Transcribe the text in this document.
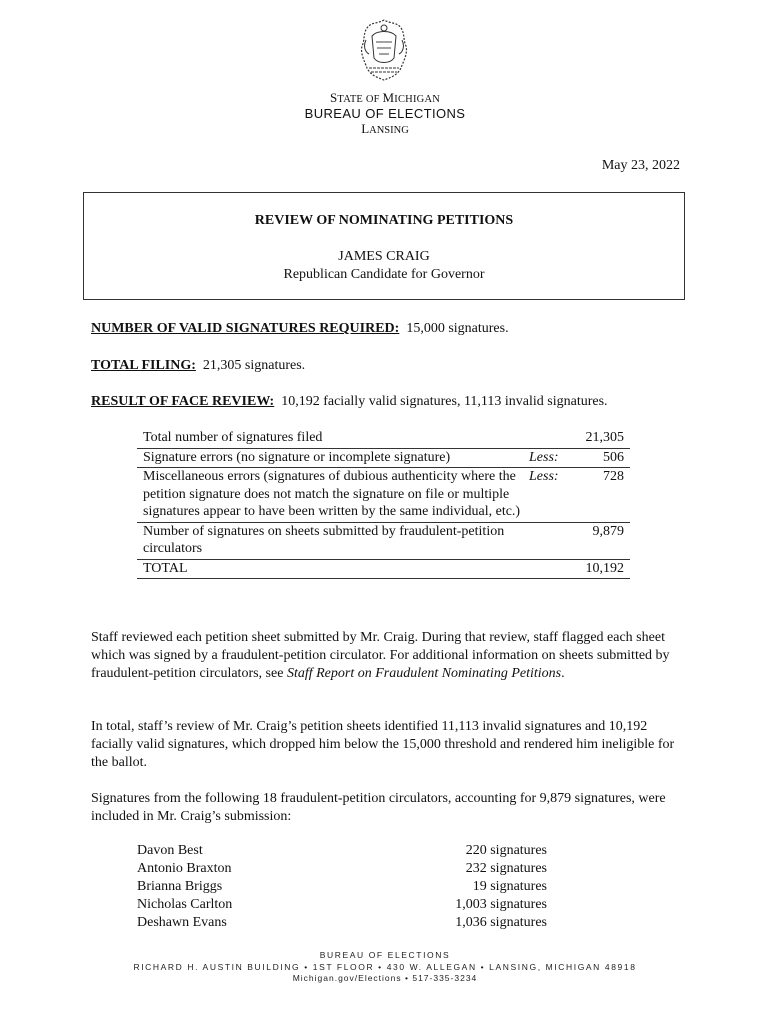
STATE OF MICHIGAN
BUREAU OF ELECTIONS
LANSING
May 23, 2022
REVIEW OF NOMINATING PETITIONS
JAMES CRAIG
Republican Candidate for Governor
NUMBER OF VALID SIGNATURES REQUIRED: 15,000 signatures.
TOTAL FILING: 21,305 signatures.
RESULT OF FACE REVIEW: 10,192 facially valid signatures, 11,113 invalid signatures.
Total number of signatures filed		21,305
Signature errors (no signature or incomplete signature)	Less:	506
Miscellaneous errors (signatures of dubious authenticity where the petition signature does not match the signature on file or multiple signatures appear to have been written by the same individual, etc.)	Less:	728
Number of signatures on sheets submitted by fraudulent-petition circulators		9,879
TOTAL		10,192
Staff reviewed each petition sheet submitted by Mr. Craig. During that review, staff flagged each sheet which was signed by a fraudulent-petition circulator. For additional information on sheets submitted by fraudulent-petition circulators, see Staff Report on Fraudulent Nominating Petitions.
In total, staff’s review of Mr. Craig’s petition sheets identified 11,113 invalid signatures and 10,192 facially valid signatures, which dropped him below the 15,000 threshold and rendered him ineligible for the ballot.
Signatures from the following 18 fraudulent-petition circulators, accounting for 9,879 signatures, were included in Mr. Craig’s submission:
Davon Best	220 signatures
Antonio Braxton	232 signatures
Brianna Briggs	19 signatures
Nicholas Carlton	1,003 signatures
Deshawn Evans	1,036 signatures
BUREAU OF ELECTIONS
RICHARD H. AUSTIN BUILDING • 1ST FLOOR • 430 W. ALLEGAN • LANSING, MICHIGAN 48918
Michigan.gov/Elections • 517-335-3234
